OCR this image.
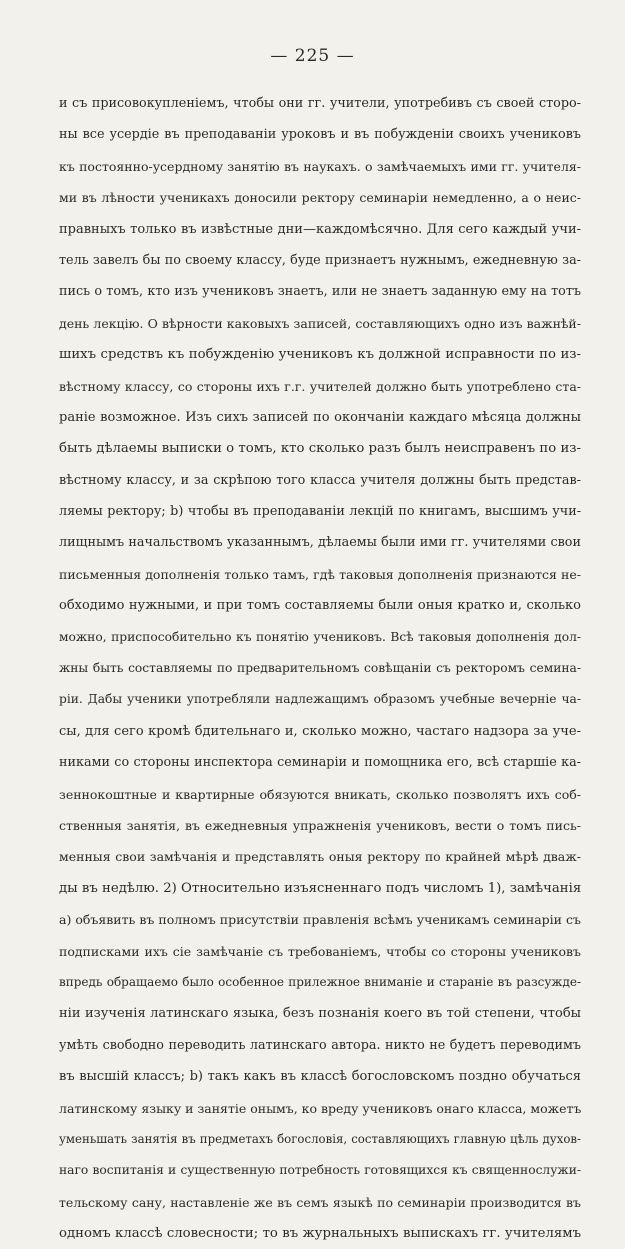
— 225 —
и съ присовокупленіемъ, чтобы они гг. учители, употребивъ съ своей сторо-
ны все усердіе въ преподаваніи уроковъ и въ побужденіи своихъ учениковъ
къ постоянно-усердному занятію въ наукахъ. о замѣчаемыхъ ими гг. учителя-
ми въ лѣности ученикахъ доносили ректору семинаріи немедленно, а о неис-
правныхъ только въ извѣстные дни—каждомѣсячно. Для сего каждый учи-
тель завелъ бы по своему классу, буде признаетъ нужнымъ, ежедневную за-
пись о томъ, кто изъ учениковъ знаетъ, или не знаетъ заданную ему на тотъ
день лекцію. О вѣрности каковыхъ записей, составляющихъ одно изъ важнѣй-
шихъ средствъ къ побужденію учениковъ къ должной исправности по из-
вѣстному классу, со стороны ихъ г.г. учителей должно быть употреблено ста-
раніе возможное. Изъ сихъ записей по окончаніи каждаго мѣсяца должны
быть дѣлаемы выписки о томъ, кто сколько разъ былъ неисправенъ по из-
вѣстному классу, и за скрѣпою того класса учителя должны быть представ-
ляемы ректору; b) чтобы въ преподаваніи лекцій по книгамъ, высшимъ учи-
лищнымъ начальствомъ указаннымъ, дѣлаемы были ими гг. учителями свои
письменныя дополненія только тамъ, гдѣ таковыя дополненія признаются не-
обходимо нужными, и при томъ составляемы были оныя кратко и, сколько
можно, приспособительно къ понятію учениковъ. Всѣ таковыя дополненія дол-
жны быть составляемы по предварительномъ совѣщаніи съ ректоромъ семина-
ріи. Дабы ученики употребляли надлежащимъ образомъ учебные вечерніе ча-
сы, для сего кромѣ бдительнаго и, сколько можно, частаго надзора за уче-
никами со стороны инспектора семинаріи и помощника его, всѣ старшіе ка-
зеннокоштные и квартирные обязуются вникать, сколько позволятъ ихъ соб-
ственныя занятія, въ ежедневныя упражненія учениковъ, вести о томъ пись-
менныя свои замѣчанія и представлять оныя ректору по крайней мѣрѣ дваж-
ды въ недѣлю. 2) Относительно изъясненнаго подъ числомъ 1), замѣчанія
а) объявить въ полномъ присутствіи правленія всѣмъ ученикамъ семинаріи съ
подписками ихъ сіе замѣчаніе съ требованіемъ, чтобы со стороны учениковъ
впредь обращаемо было особенное прилежное вниманіе и стараніе въ разсужде-
ніи изученія латинскаго языка, безъ познанія коего въ той степени, чтобы
умѣть свободно переводить латинскаго автора. никто не будетъ переводимъ
въ высшій классъ; b) такъ какъ въ классѣ богословскомъ поздно обучаться
латинскому языку и занятіе онымъ, ко вреду учениковъ онаго класса, можетъ
уменьшать занятія въ предметахъ богословія, составляющихъ главную цѣль духов-
наго воспитанія и существенную потребность готовящихся къ священнослужи-
тельскому сану, наставленіе же въ семъ языкѣ по семинаріи производится въ
одномъ классѣ словесности; то въ журнальныхъ выпискахъ гг. учителямъ
